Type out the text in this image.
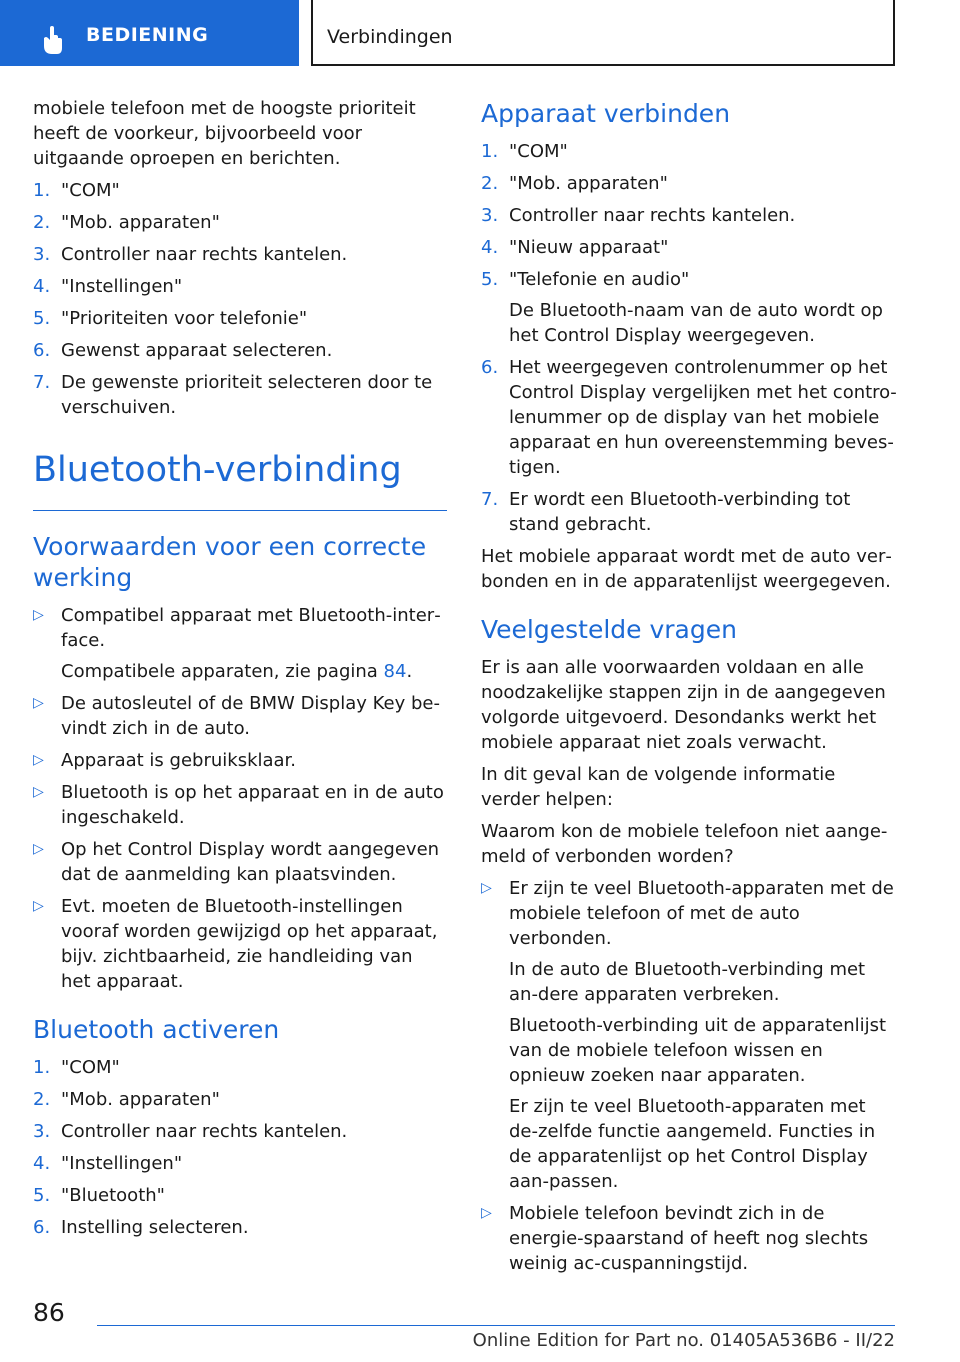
BEDIENING	Verbindingen

mobiele telefoon met de hoogste prioriteit heeft de voorkeur, bijvoorbeeld voor uitgaande oproepen en berichten.

1. "COM"
2. "Mob. apparaten"
3. Controller naar rechts kantelen.
4. "Instellingen"
5. "Prioriteiten voor telefonie"
6. Gewenst apparaat selecteren.
7. De gewenste prioriteit selecteren door te verschuiven.
Bluetooth-verbinding
Voorwaarden voor een correcte werking
▷ Compatibel apparaat met Bluetooth-inter‐face.
Compatibele apparaten, zie pagina 84.
▷ De autosleutel of de BMW Display Key be‐vindt zich in de auto.
▷ Apparaat is gebruiksklaar.
▷ Bluetooth is op het apparaat en in de auto ingeschakeld.
▷ Op het Control Display wordt aangegeven dat de aanmelding kan plaatsvinden.
▷ Evt. moeten de Bluetooth-instellingen vooraf worden gewijzigd op het apparaat, bijv. zichtbaarheid, zie handleiding van het apparaat.
Bluetooth activeren
1. "COM"
2. "Mob. apparaten"
3. Controller naar rechts kantelen.
4. "Instellingen"
5. "Bluetooth"
6. Instelling selecteren.
Apparaat verbinden
1. "COM"
2. "Mob. apparaten"
3. Controller naar rechts kantelen.
4. "Nieuw apparaat"
5. "Telefonie en audio"
De Bluetooth-naam van de auto wordt op het Control Display weergegeven.
6. Het weergegeven controlenummer op het Control Display vergelijken met het contro‐lenummer op de display van het mobiele apparaat en hun overeenstemming beves‐tigen.
7. Er wordt een Bluetooth-verbinding tot stand gebracht.

Het mobiele apparaat wordt met de auto ver‐bonden en in de apparatenlijst weergegeven.

Veelgestelde vragen

Er is aan alle voorwaarden voldaan en alle noodzakelijke stappen zijn in de aangegeven volgorde uitgevoerd. Desondanks werkt het mobiele apparaat niet zoals verwacht.

In dit geval kan de volgende informatie verder helpen:

Waarom kon de mobiele telefoon niet aange‐meld of verbonden worden?

▷ Er zijn te veel Bluetooth-apparaten met de mobiele telefoon of met de auto verbonden.
In de auto de Bluetooth-verbinding met an‐dere apparaten verbreken.
Bluetooth-verbinding uit de apparatenlijst van de mobiele telefoon wissen en opnieuw zoeken naar apparaten.
Er zijn te veel Bluetooth-apparaten met de‐zelfde functie aangemeld. Functies in de apparatenlijst op het Control Display aan‐passen.
▷ Mobiele telefoon bevindt zich in de energie‐spaarstand of heeft nog slechts weinig ac‐cuspanningstijd.
86
Online Edition for Part no. 01405A536B6 - II/22
